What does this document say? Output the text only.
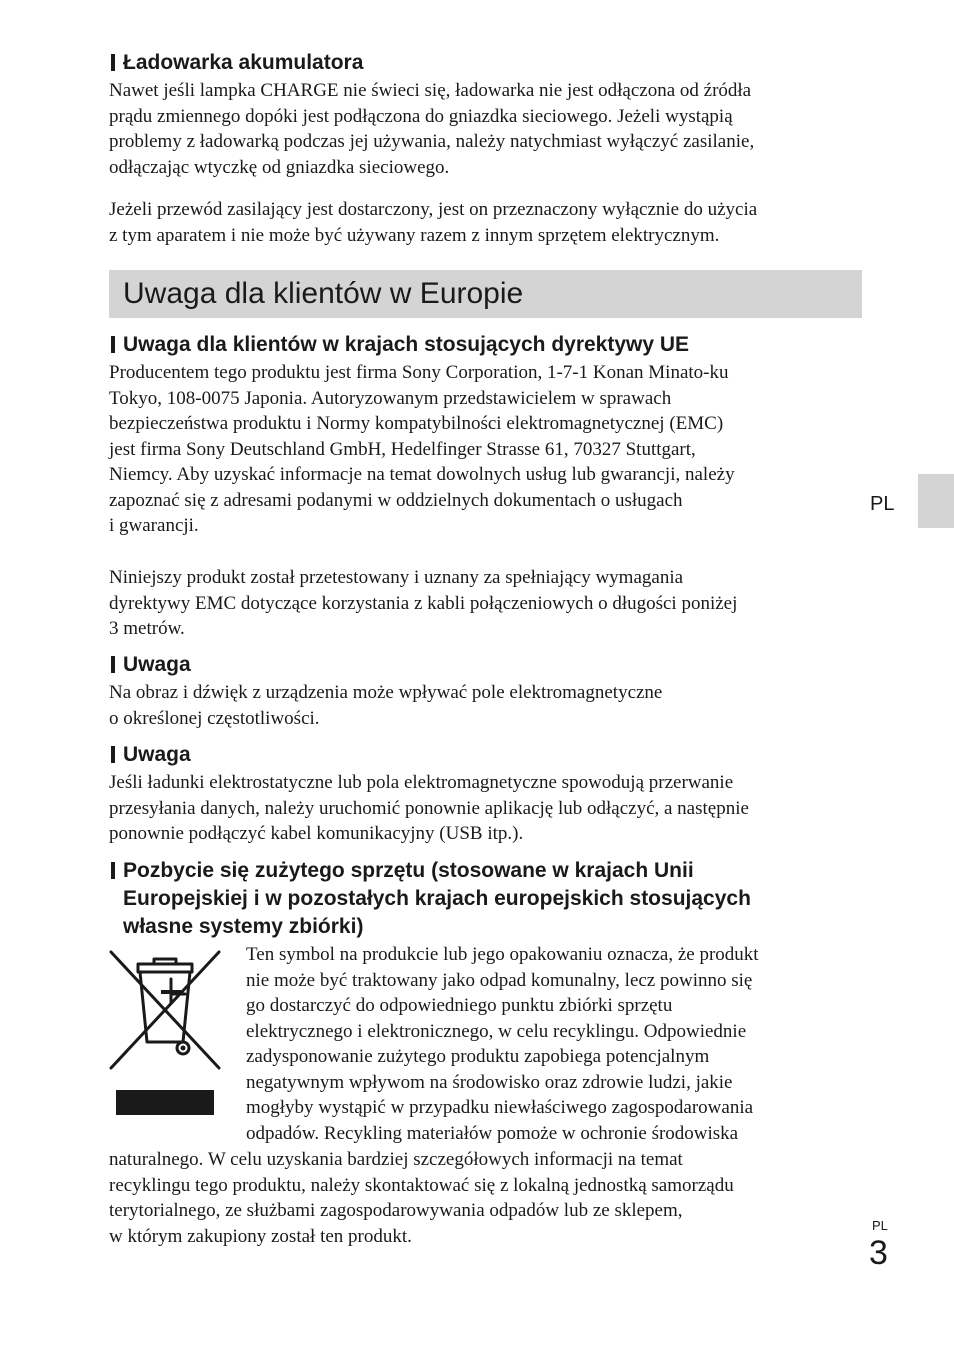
Ładowarka akumulatora
Nawet jeśli lampka CHARGE nie świeci się, ładowarka nie jest odłączona od źródła
prądu zmiennego dopóki jest podłączona do gniazdka sieciowego. Jeżeli wystąpią
problemy z ładowarką podczas jej używania, należy natychmiast wyłączyć zasilanie,
odłączając wtyczkę od gniazdka sieciowego.
Jeżeli przewód zasilający jest dostarczony, jest on przeznaczony wyłącznie do użycia
z tym aparatem i nie może być używany razem z innym sprzętem elektrycznym.
Uwaga dla klientów w Europie
Uwaga dla klientów w krajach stosujących dyrektywy UE
Producentem tego produktu jest firma Sony Corporation, 1-7-1 Konan Minato-ku
Tokyo, 108-0075 Japonia. Autoryzowanym przedstawicielem w sprawach
bezpieczeństwa produktu i Normy kompatybilności elektromagnetycznej (EMC)
jest firma Sony Deutschland GmbH, Hedelfinger Strasse 61, 70327 Stuttgart,
Niemcy. Aby uzyskać informacje na temat dowolnych usług lub gwarancji, należy
zapoznać się z adresami podanymi w oddzielnych dokumentach o usługach
i gwarancji.
Niniejszy produkt został przetestowany i uznany za spełniający wymagania
dyrektywy EMC dotyczące korzystania z kabli połączeniowych o długości poniżej
3 metrów.
Uwaga
Na obraz i dźwięk z urządzenia może wpływać pole elektromagnetyczne
o określonej częstotliwości.
Uwaga
Jeśli ładunki elektrostatyczne lub pola elektromagnetyczne spowodują przerwanie
przesyłania danych, należy uruchomić ponownie aplikację lub odłączyć, a następnie
ponownie podłączyć kabel komunikacyjny (USB itp.).
Pozbycie się zużytego sprzętu (stosowane w krajach Unii
Europejskiej i w pozostałych krajach europejskich stosujących
własne systemy zbiórki)
Ten symbol na produkcie lub jego opakowaniu oznacza, że produkt
nie może być traktowany jako odpad komunalny, lecz powinno się
go dostarczyć do odpowiedniego punktu zbiórki sprzętu
elektrycznego i elektronicznego, w celu recyklingu. Odpowiednie
zadysponowanie zużytego produktu zapobiega potencjalnym
negatywnym wpływom na środowisko oraz zdrowie ludzi, jakie
mogłyby wystąpić w przypadku niewłaściwego zagospodarowania
odpadów. Recykling materiałów pomoże w ochronie środowiska
naturalnego. W celu uzyskania bardziej szczegółowych informacji na temat
recyklingu tego produktu, należy skontaktować się z lokalną jednostką samorządu
terytorialnego, ze służbami zagospodarowywania odpadów lub ze sklepem,
w którym zakupiony został ten produkt.
PL
PL
3
